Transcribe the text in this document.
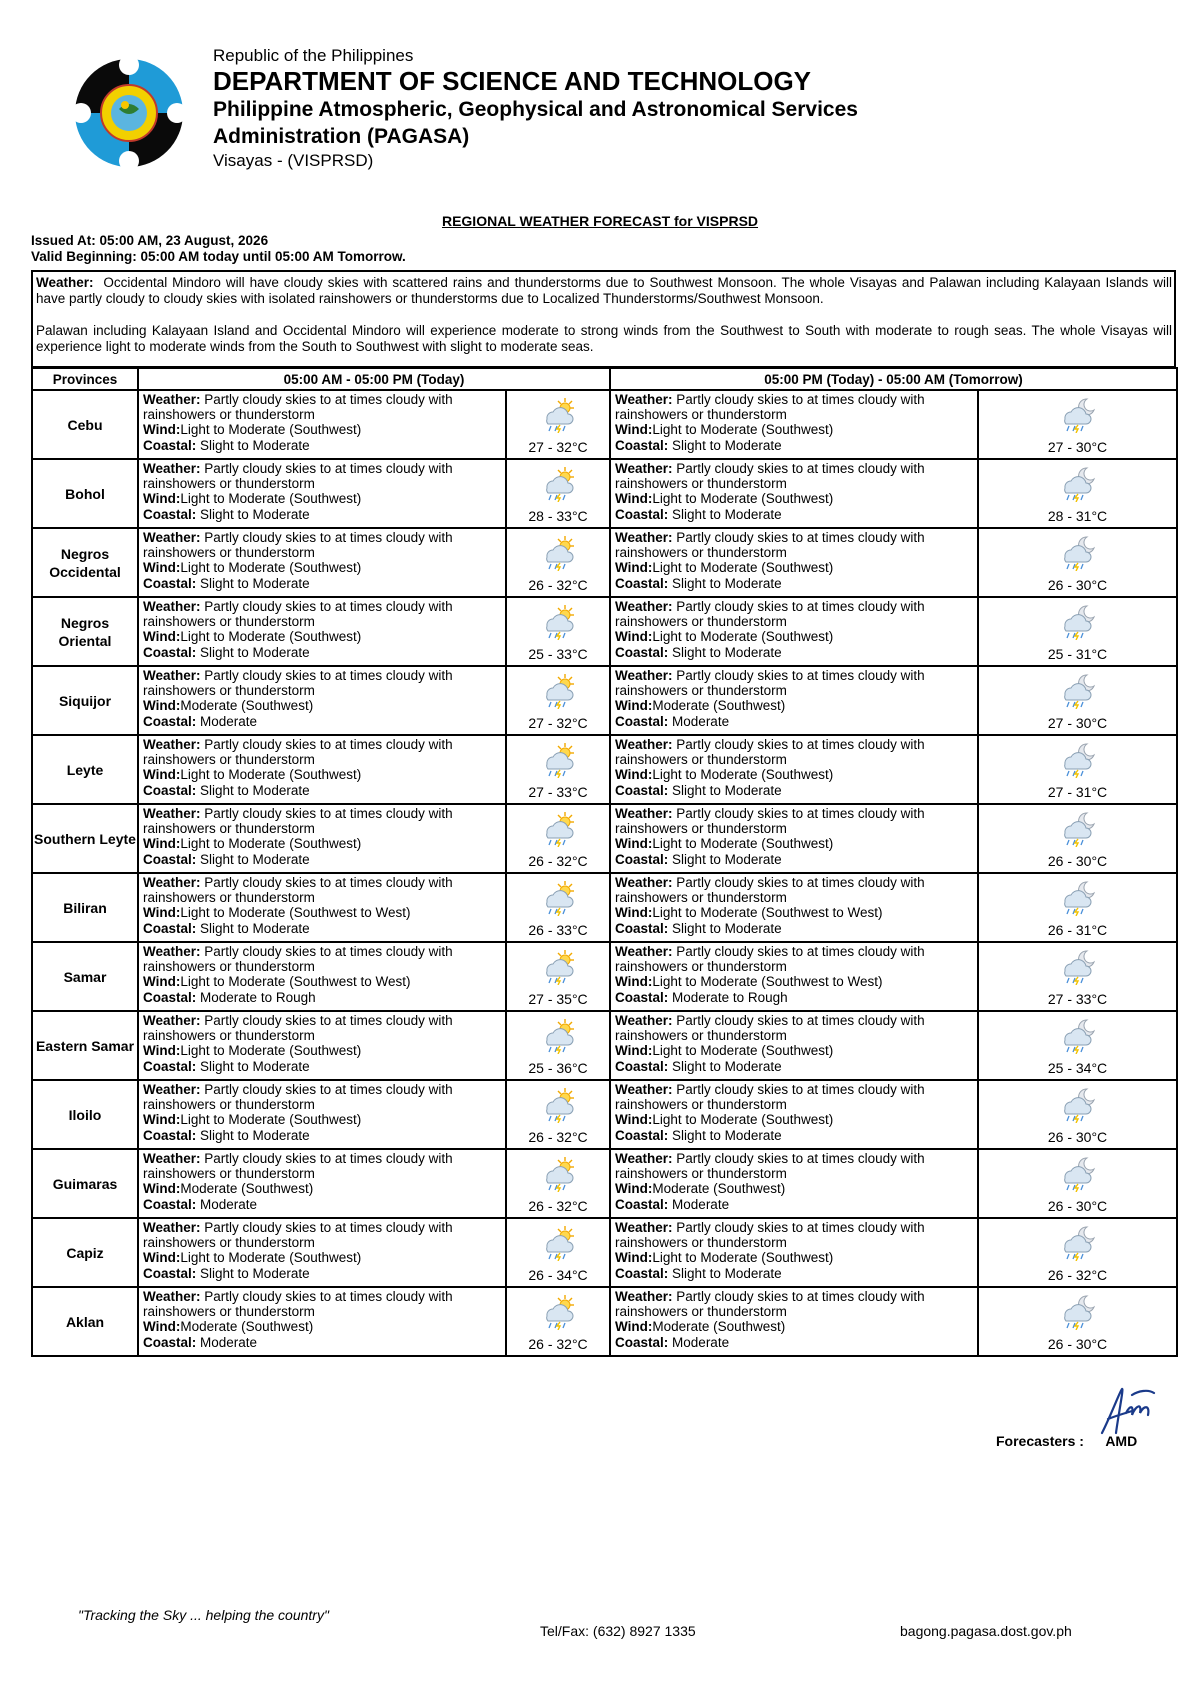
Republic of the Philippines
DEPARTMENT OF SCIENCE AND TECHNOLOGY
Philippine Atmospheric, Geophysical and Astronomical Services Administration (PAGASA)
Visayas - (VISPRSD)
REGIONAL WEATHER FORECAST for VISPRSD
Issued At: 05:00 AM, 23 August, 2026
Valid Beginning: 05:00 AM today until 05:00 AM Tomorrow.

Weather: Occidental Mindoro will have cloudy skies with scattered rains and thunderstorms due to Southwest Monsoon. The whole Visayas and Palawan including Kalayaan Islands will have partly cloudy to cloudy skies with isolated rainshowers or thunderstorms due to Localized Thunderstorms/Southwest Monsoon.

Palawan including Kalayaan Island and Occidental Mindoro will experience moderate to strong winds from the Southwest to South with moderate to rough seas. The whole Visayas will experience light to moderate winds from the South to Southwest with slight to moderate seas.

Provinces	05:00 AM - 05:00 PM (Today)		05:00 PM (Today) - 05:00 AM (Tomorrow)	
Cebu	Weather: Partly cloudy skies to at times cloudy with rainshowers or thunderstorm
Wind:Light to Moderate (Southwest)
Coastal: Slight to Moderate	27 - 32°C	Weather: Partly cloudy skies to at times cloudy with rainshowers or thunderstorm
Wind:Light to Moderate (Southwest)
Coastal: Slight to Moderate	27 - 30°C

Bohol	Weather: Partly cloudy skies to at times cloudy with rainshowers or thunderstorm
Wind:Light to Moderate (Southwest)
Coastal: Slight to Moderate	28 - 33°C	Weather: Partly cloudy skies to at times cloudy with rainshowers or thunderstorm
Wind:Light to Moderate (Southwest)
Coastal: Slight to Moderate	28 - 31°C

Negros Occidental	Weather: Partly cloudy skies to at times cloudy with rainshowers or thunderstorm
Wind:Light to Moderate (Southwest)
Coastal: Slight to Moderate	26 - 32°C	Weather: Partly cloudy skies to at times cloudy with rainshowers or thunderstorm
Wind:Light to Moderate (Southwest)
Coastal: Slight to Moderate	26 - 30°C

Negros Oriental	Weather: Partly cloudy skies to at times cloudy with rainshowers or thunderstorm
Wind:Light to Moderate (Southwest)
Coastal: Slight to Moderate	25 - 33°C	Weather: Partly cloudy skies to at times cloudy with rainshowers or thunderstorm
Wind:Light to Moderate (Southwest)
Coastal: Slight to Moderate	25 - 31°C

Siquijor	Weather: Partly cloudy skies to at times cloudy with rainshowers or thunderstorm
Wind:Moderate (Southwest)
Coastal: Moderate	27 - 32°C	Weather: Partly cloudy skies to at times cloudy with rainshowers or thunderstorm
Wind:Moderate (Southwest)
Coastal: Moderate	27 - 30°C

Leyte	Weather: Partly cloudy skies to at times cloudy with rainshowers or thunderstorm
Wind:Light to Moderate (Southwest)
Coastal: Slight to Moderate	27 - 33°C	Weather: Partly cloudy skies to at times cloudy with rainshowers or thunderstorm
Wind:Light to Moderate (Southwest)
Coastal: Slight to Moderate	27 - 31°C

Southern Leyte	Weather: Partly cloudy skies to at times cloudy with rainshowers or thunderstorm
Wind:Light to Moderate (Southwest)
Coastal: Slight to Moderate	26 - 32°C	Weather: Partly cloudy skies to at times cloudy with rainshowers or thunderstorm
Wind:Light to Moderate (Southwest)
Coastal: Slight to Moderate	26 - 30°C

Biliran	Weather: Partly cloudy skies to at times cloudy with rainshowers or thunderstorm
Wind:Light to Moderate (Southwest to West)
Coastal: Slight to Moderate	26 - 33°C	Weather: Partly cloudy skies to at times cloudy with rainshowers or thunderstorm
Wind:Light to Moderate (Southwest to West)
Coastal: Slight to Moderate	26 - 31°C

Samar	Weather: Partly cloudy skies to at times cloudy with rainshowers or thunderstorm
Wind:Light to Moderate (Southwest to West)
Coastal: Moderate to Rough	27 - 35°C	Weather: Partly cloudy skies to at times cloudy with rainshowers or thunderstorm
Wind:Light to Moderate (Southwest to West)
Coastal: Moderate to Rough	27 - 33°C

Eastern Samar	Weather: Partly cloudy skies to at times cloudy with rainshowers or thunderstorm
Wind:Light to Moderate (Southwest)
Coastal: Slight to Moderate	25 - 36°C	Weather: Partly cloudy skies to at times cloudy with rainshowers or thunderstorm
Wind:Light to Moderate (Southwest)
Coastal: Slight to Moderate	25 - 34°C

Iloilo	Weather: Partly cloudy skies to at times cloudy with rainshowers or thunderstorm
Wind:Light to Moderate (Southwest)
Coastal: Slight to Moderate	26 - 32°C	Weather: Partly cloudy skies to at times cloudy with rainshowers or thunderstorm
Wind:Light to Moderate (Southwest)
Coastal: Slight to Moderate	26 - 30°C

Guimaras	Weather: Partly cloudy skies to at times cloudy with rainshowers or thunderstorm
Wind:Moderate (Southwest)
Coastal: Moderate	26 - 32°C	Weather: Partly cloudy skies to at times cloudy with rainshowers or thunderstorm
Wind:Moderate (Southwest)
Coastal: Moderate	26 - 30°C

Capiz	Weather: Partly cloudy skies to at times cloudy with rainshowers or thunderstorm
Wind:Light to Moderate (Southwest)
Coastal: Slight to Moderate	26 - 34°C	Weather: Partly cloudy skies to at times cloudy with rainshowers or thunderstorm
Wind:Light to Moderate (Southwest)
Coastal: Slight to Moderate	26 - 32°C

Aklan	Weather: Partly cloudy skies to at times cloudy with rainshowers or thunderstorm
Wind:Moderate (Southwest)
Coastal: Moderate	26 - 32°C	Weather: Partly cloudy skies to at times cloudy with rainshowers or thunderstorm
Wind:Moderate (Southwest)
Coastal: Moderate	26 - 30°C
Forecasters : AMD
"Tracking the Sky ... helping the country"
Tel/Fax: (632) 8927 1335	bagong.pagasa.dost.gov.ph
